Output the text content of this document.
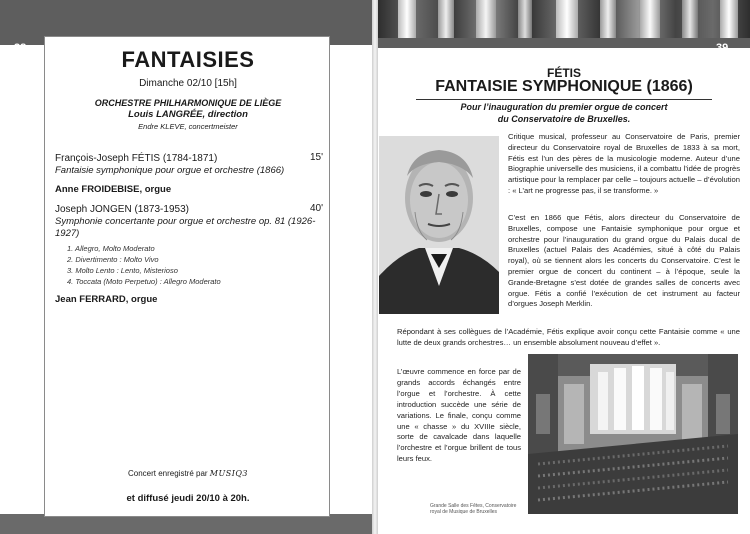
38	FANTAISIES
Dimanche 02/10 [15h]
ORCHESTRE PHILHARMONIQUE DE LIÈGE
Louis LANGRÉE, direction
Endre KLEVE, concertmeister
François-Joseph FÉTIS (1784-1871)	15'
Fantaisie symphonique pour orgue et orchestre (1866)
Anne FROIDEBISE, orgue
Joseph JONGEN (1873-1953)	40'
Symphonie concertante pour orgue et orchestre op. 81 (1926-1927)
1. Allegro, Molto Moderato
2. Divertimento : Molto Vivo
3. Molto Lento : Lento, Misterioso
4. Toccata (Moto Perpetuo) : Allegro Moderato
Jean FERRARD, orgue
Concert enregistré par MUSIQ3
et diffusé jeudi 20/10 à 20h.
39
FÉTIS
FANTAISIE SYMPHONIQUE (1866)
Pour l’inauguration du premier orgue de concert
du Conservatoire de Bruxelles.
Critique musical, professeur au Conservatoire de Paris, premier directeur du Conservatoire royal de Bruxelles de 1833 à sa mort, Fétis est l’un des pères de la musicologie moderne. Auteur d’une Biographie universelle des musiciens, il a combattu l’idée de progrès artistique pour la remplacer par celle – toujours actuelle – d’évolution : « L’art ne progresse pas, il se transforme. »
C’est en 1866 que Fétis, alors directeur du Conservatoire de Bruxelles, compose une Fantaisie symphonique pour orgue et orchestre pour l’inauguration du grand orgue du Palais ducal de Bruxelles (actuel Palais des Académies, situé à côté du Palais royal), où se tiennent alors les concerts du Conservatoire. C’est le premier orgue de concert du continent – à l’époque, seule la Grande-Bretagne s’est dotée de grandes salles de concerts avec orgue. Fétis a confié l’exécution de cet instrument au facteur d’orgues Joseph Merklin.
Répondant à ses collègues de l’Académie, Fétis explique avoir conçu cette Fantaisie comme « une lutte de deux grands orchestres… un ensemble absolument nouveau d’effet ».
L’œuvre commence en force par de grands accords échangés entre l’orgue et l’orchestre. À cette introduction succède une série de variations. Le finale, conçu comme une « chasse » du XVIIIe siècle, sorte de cavalcade dans laquelle l’orchestre et l’orgue brillent de tous leurs feux.
Grande Salle des Fêtes, Conservatoire royal de Musique de Bruxelles
